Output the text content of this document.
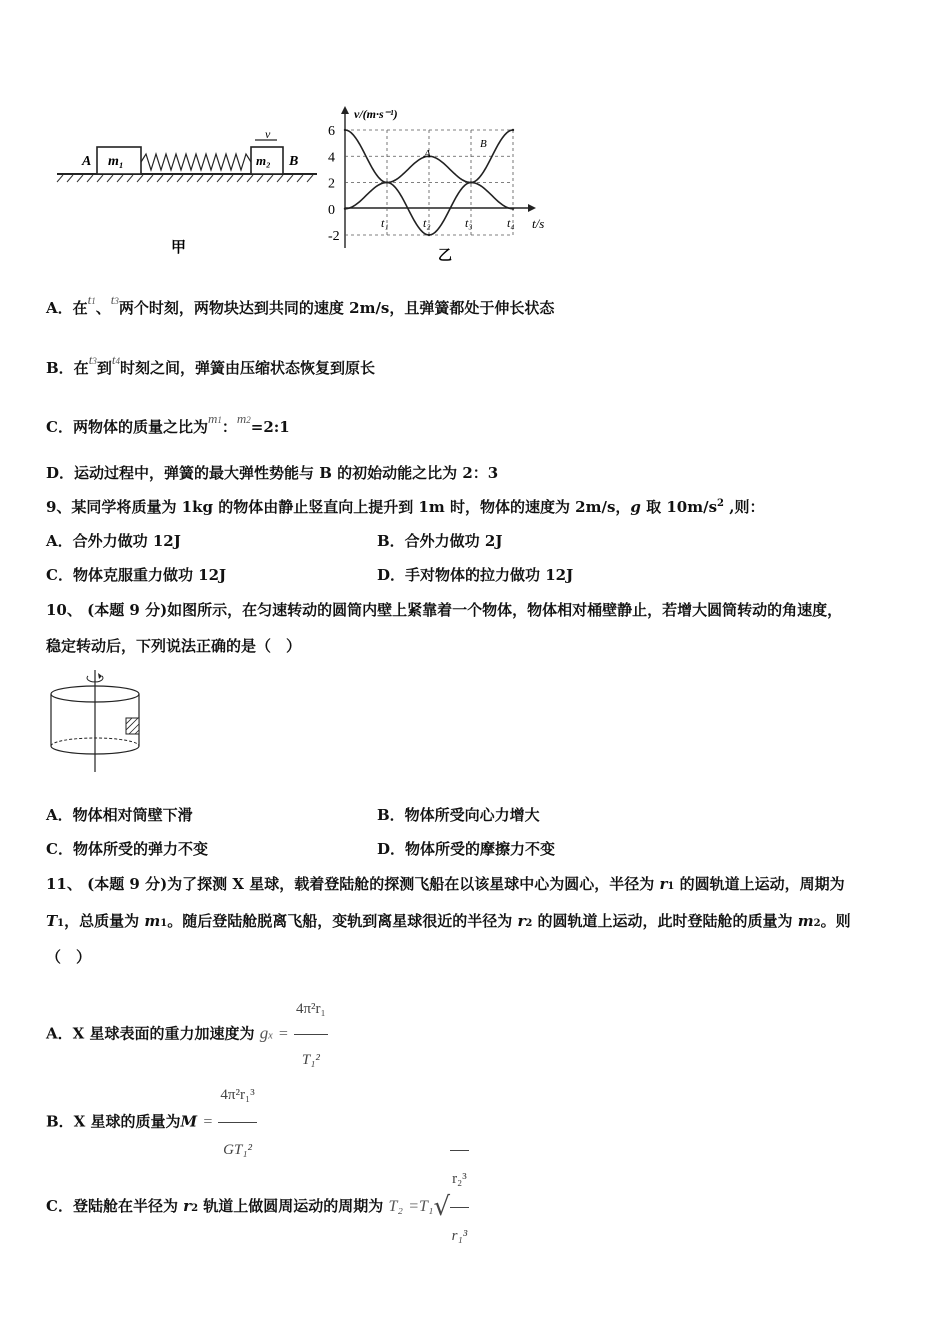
m₁
A	m₂ B
v
甲
v/(m·s⁻¹)
t/s
6
4
2
0
-2
t₁	t₂	t₃	t₄
A
B
乙
A．在t1、t3两个时刻，两物块达到共同的速度 2m/s，且弹簧都处于伸长状态
B．在t3到t4时刻之间，弹簧由压缩状态恢复到原长
C．两物体的质量之比为m1：m2=2:1
D．运动过程中，弹簧的最大弹性势能与 B 的初始动能之比为 2：3
9、某同学将质量为 1kg 的物体由静止竖直向上提升到 1m 时，物体的速度为 2m/s，g 取 $10m/s^2$ ,则：
A．合外力做功 12J	B．合外力做功 2J
C．物体克服重力做功 12J	D．手对物体的拉力做功 12J
10、 (本题 9 分)如图所示，在匀速转动的圆筒内壁上紧靠着一个物体，物体相对桶壁静止，若增大圆筒转动的角速度，
稳定转动后，下列说法正确的是（　）
A．物体相对筒壁下滑	B．物体所受向心力增大
C．物体所受的弹力不变	D．物体所受的摩擦力不变
11、 (本题 9 分)为了探测 X 星球，载着登陆舱的探测飞船在以该星球中心为圆心，半径为 r1 的圆轨道上运动，周期为
T1，总质量为 m1。随后登陆舱脱离飞船，变轨到离星球很近的半径为 r2 的圆轨道上运动，此时登陆舱的质量为 m2。则
（　）
A．X 星球表面的重力加速度为 gx = $\frac{\text{4π²r₁}}{\text{T₁²}}$
B．X 星球的质量为$M = \frac{\text{4π²r₁³}}{\text{GT₁²}}$
C．登陆舱在半径为 r2 轨道上做圆周运动的周期为 $T_2 =T_1√ \frac{\text{r₂³}}{\text{r₁³}}$
